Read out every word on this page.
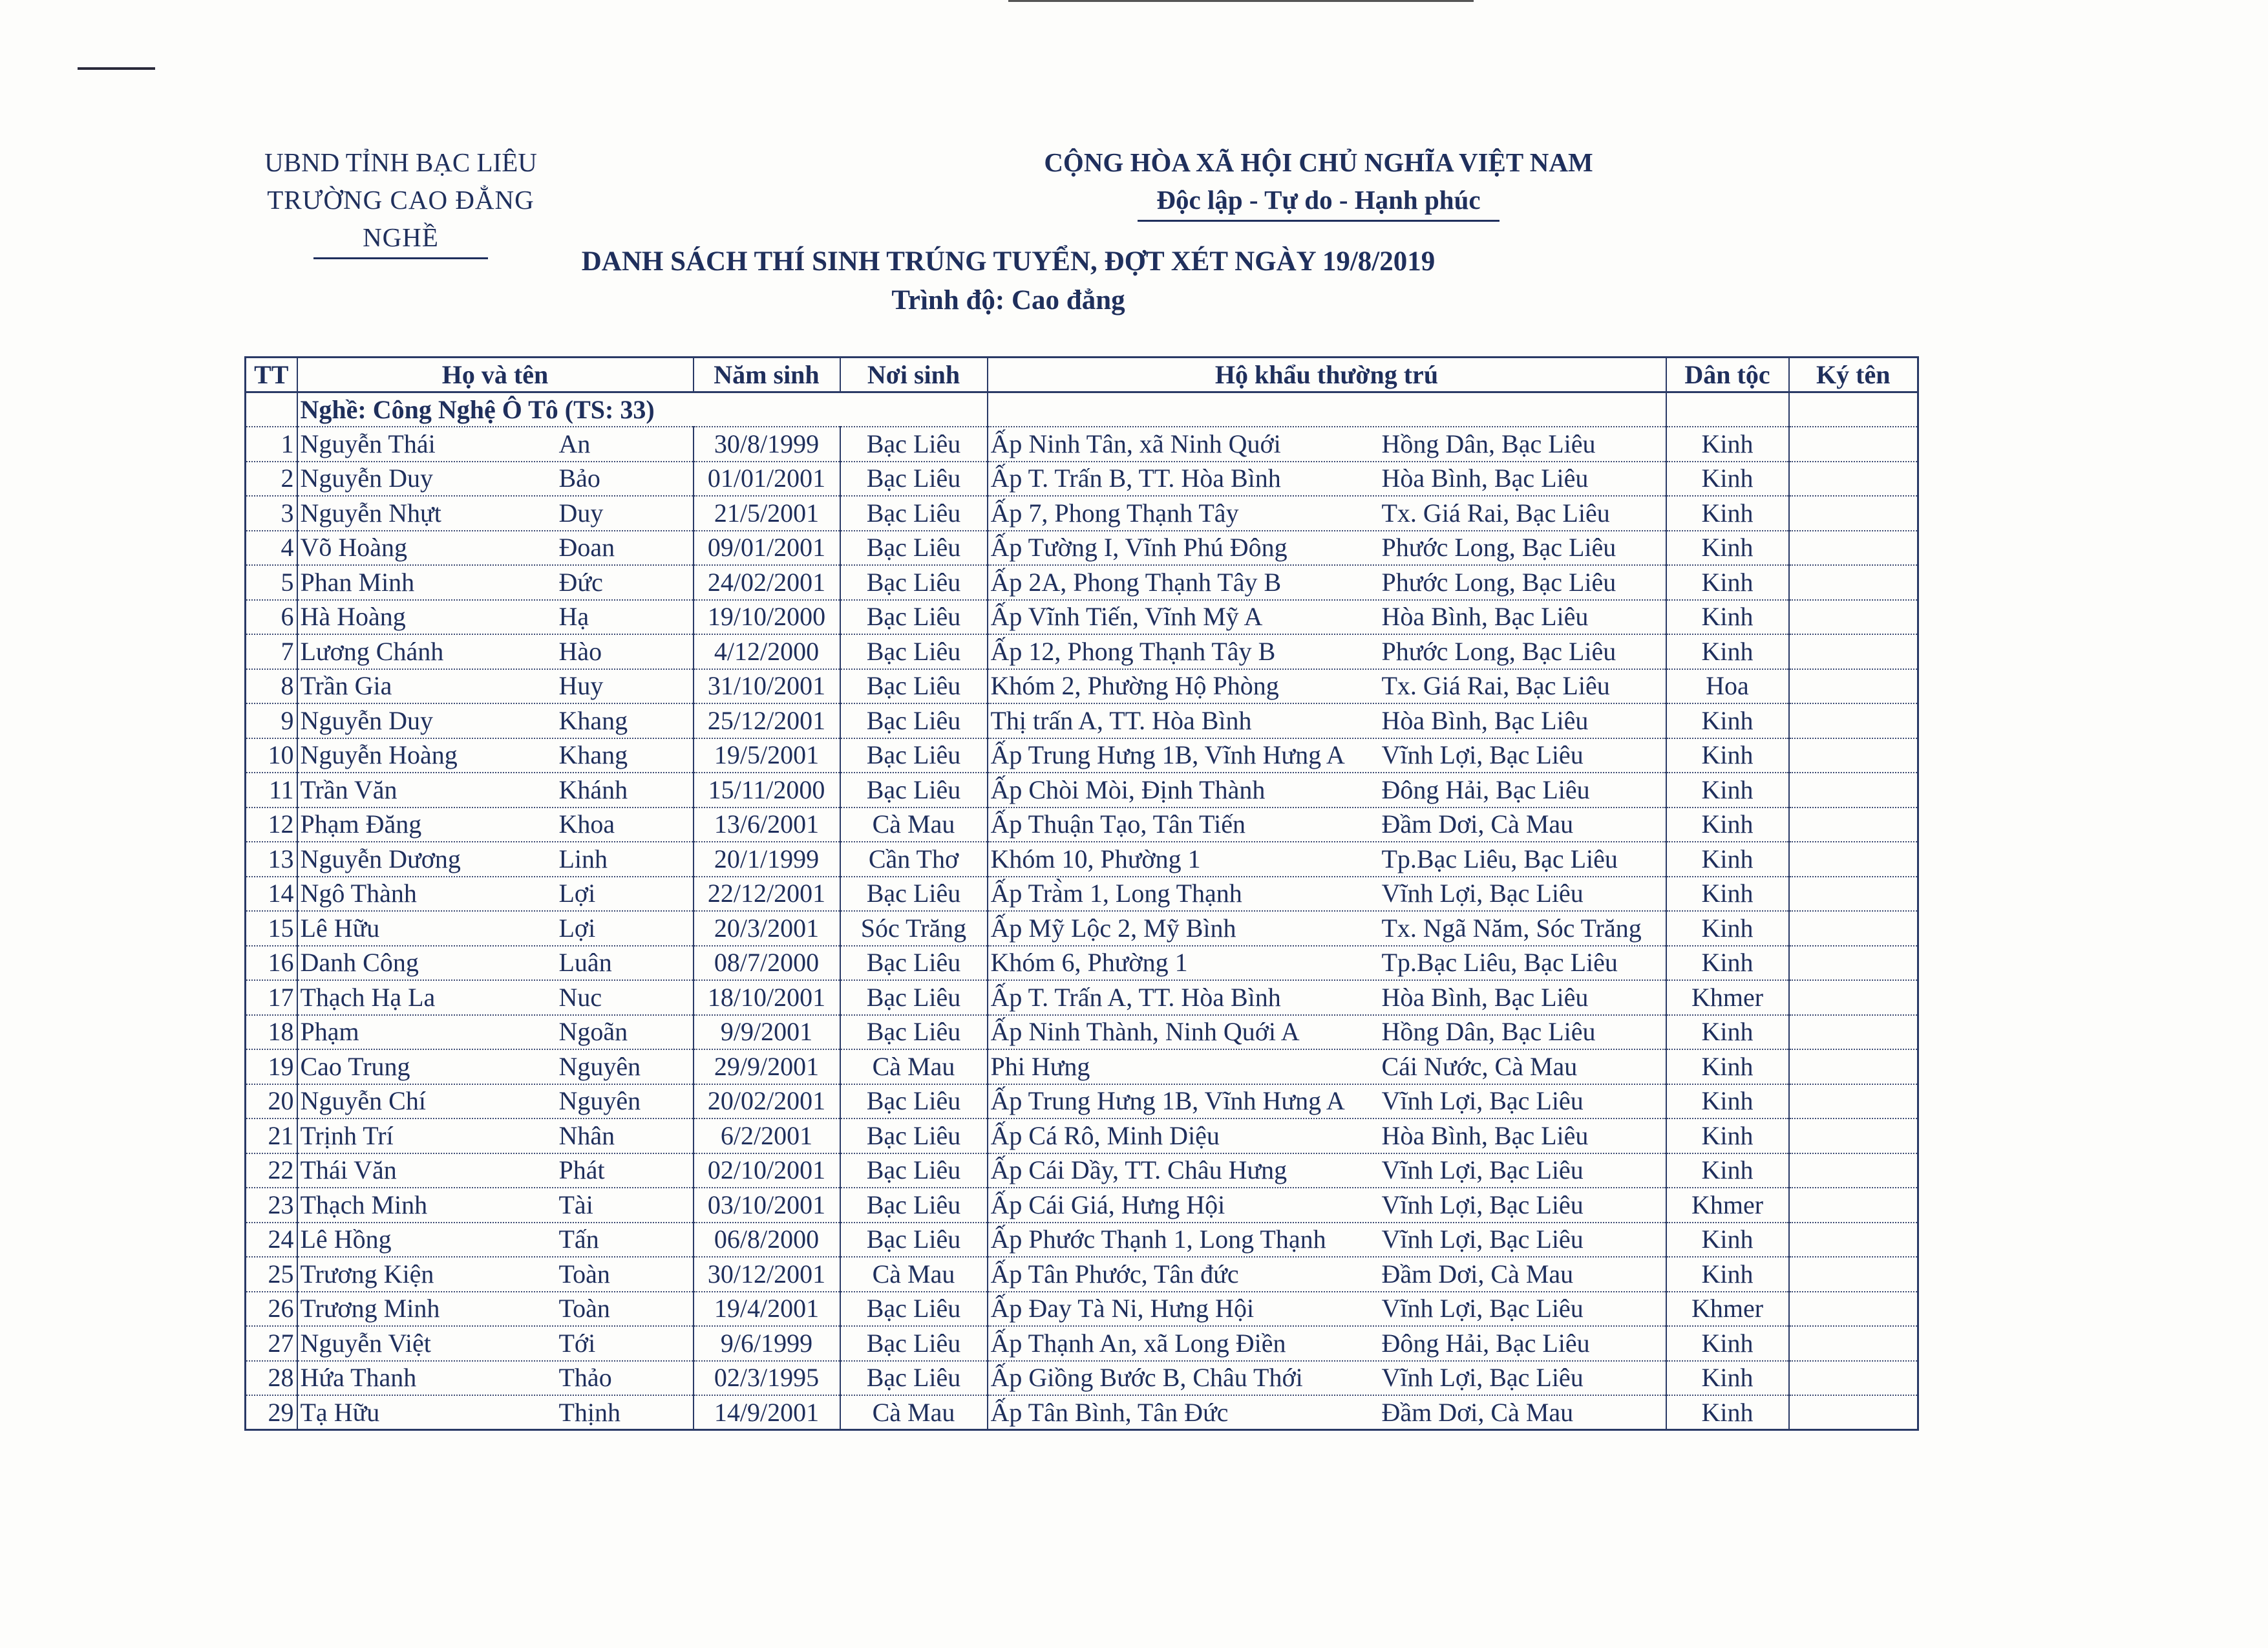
UBND TỈNH BẠC LIÊU
TRƯỜNG CAO ĐẲNG NGHỀ
CỘNG HÒA XÃ HỘI CHỦ NGHĨA VIỆT NAM
Độc lập - Tự do - Hạnh phúc
DANH SÁCH THÍ SINH TRÚNG TUYỂN, ĐỢT XÉT NGÀY 19/8/2019
Trình độ: Cao đẳng
TT	Họ và tên	Năm sinh	Nơi sinh	Hộ khẩu thường trú	Dân tộc	Ký tên
	Nghề: Công Nghệ Ô Tô (TS: 33)					
1	Nguyễn Thái An	30/8/1999	Bạc Liêu	Ấp Ninh Tân, xã Ninh Quới Hồng Dân, Bạc Liêu	Kinh	
2	Nguyễn Duy Bảo	01/01/2001	Bạc Liêu	Ấp T. Trấn B, TT. Hòa Bình Hòa Bình, Bạc Liêu	Kinh	
3	Nguyễn Nhựt Duy	21/5/2001	Bạc Liêu	Ấp 7, Phong Thạnh Tây Tx. Giá Rai, Bạc Liêu	Kinh	
4	Võ Hoàng Đoan	09/01/2001	Bạc Liêu	Ấp Tường I, Vĩnh Phú Đông Phước Long, Bạc Liêu	Kinh	
5	Phan Minh Đức	24/02/2001	Bạc Liêu	Ấp 2A, Phong Thạnh Tây B Phước Long, Bạc Liêu	Kinh	
6	Hà Hoàng Hạ	19/10/2000	Bạc Liêu	Ấp Vĩnh Tiến, Vĩnh Mỹ A Hòa Bình, Bạc Liêu	Kinh	
7	Lương Chánh Hào	4/12/2000	Bạc Liêu	Ấp 12, Phong Thạnh Tây B Phước Long, Bạc Liêu	Kinh	
8	Trần Gia Huy	31/10/2001	Bạc Liêu	Khóm 2, Phường Hộ Phòng Tx. Giá Rai, Bạc Liêu	Hoa	
9	Nguyễn Duy Khang	25/12/2001	Bạc Liêu	Thị trấn A, TT. Hòa Bình Hòa Bình, Bạc Liêu	Kinh	
10	Nguyễn Hoàng Khang	19/5/2001	Bạc Liêu	Ấp Trung Hưng 1B, Vĩnh Hưng A Vĩnh Lợi, Bạc Liêu	Kinh	
11	Trần Văn Khánh	15/11/2000	Bạc Liêu	Ấp Chòi Mòi, Định Thành Đông Hải, Bạc Liêu	Kinh	
12	Phạm Đăng Khoa	13/6/2001	Cà Mau	Ấp Thuận Tạo, Tân Tiến Đầm Dơi, Cà Mau	Kinh	
13	Nguyễn Dương Linh	20/1/1999	Cần Thơ	Khóm 10, Phường 1 Tp.Bạc Liêu, Bạc Liêu	Kinh	
14	Ngô Thành Lợi	22/12/2001	Bạc Liêu	Ấp Trà̀m 1, Long Thạnh Vĩnh Lợi, Bạc Liêu	Kinh	
15	Lê Hữu Lợi	20/3/2001	Sóc Trăng	Ấp Mỹ Lộc 2, Mỹ Bình Tx. Ngã Năm, Sóc Trăng	Kinh	
16	Danh Công Luân	08/7/2000	Bạc Liêu	Khóm 6, Phường 1 Tp.Bạc Liêu, Bạc Liêu	Kinh	
17	Thạch Hạ La Nuc	18/10/2001	Bạc Liêu	Ấp T. Trấn A, TT. Hòa Bình Hòa Bình, Bạc Liêu	Khmer	
18	Phạm Ngoãn	9/9/2001	Bạc Liêu	Ấp Ninh Thành, Ninh Quới A Hồng Dân, Bạc Liêu	Kinh	
19	Cao Trung Nguyên	29/9/2001	Cà Mau	Phi Hưng Cái Nước, Cà Mau	Kinh	
20	Nguyễn Chí Nguyên	20/02/2001	Bạc Liêu	Ấp Trung Hưng 1B, Vĩnh Hưng A Vĩnh Lợi, Bạc Liêu	Kinh	
21	Trịnh Trí Nhân	6/2/2001	Bạc Liêu	Ấp Cá Rô, Minh Diệu Hòa Bình, Bạc Liêu	Kinh	
22	Thái Văn Phát	02/10/2001	Bạc Liêu	Ấp Cái Dầy, TT. Châu Hưng Vĩnh Lợi, Bạc Liêu	Kinh	
23	Thạch Minh Tài	03/10/2001	Bạc Liêu	Ấp Cái Giá, Hưng Hội Vĩnh Lợi, Bạc Liêu	Khmer	
24	Lê Hồng Tấn	06/8/2000	Bạc Liêu	Ấp Phước Thạnh 1, Long Thạnh Vĩnh Lợi, Bạc Liêu	Kinh	
25	Trương Kiện Toàn	30/12/2001	Cà Mau	Ấp Tân Phước, Tân đức Đầm Dơi, Cà Mau	Kinh	
26	Trương Minh Toàn	19/4/2001	Bạc Liêu	Ấp Đay Tà Ni, Hưng Hội Vĩnh Lợi, Bạc Liêu	Khmer	
27	Nguyễn Việt Tới	9/6/1999	Bạc Liêu	Ấp Thạnh An, xã Long Điền Đông Hải, Bạc Liêu	Kinh	
28	Hứa Thanh Thảo	02/3/1995	Bạc Liêu	Ấp Giồng Bước B, Châu Thới Vĩnh Lợi, Bạc Liêu	Kinh	
29	Tạ Hữu Thịnh	14/9/2001	Cà Mau	Ấp Tân Bình, Tân Đức Đầm Dơi, Cà Mau	Kinh	
